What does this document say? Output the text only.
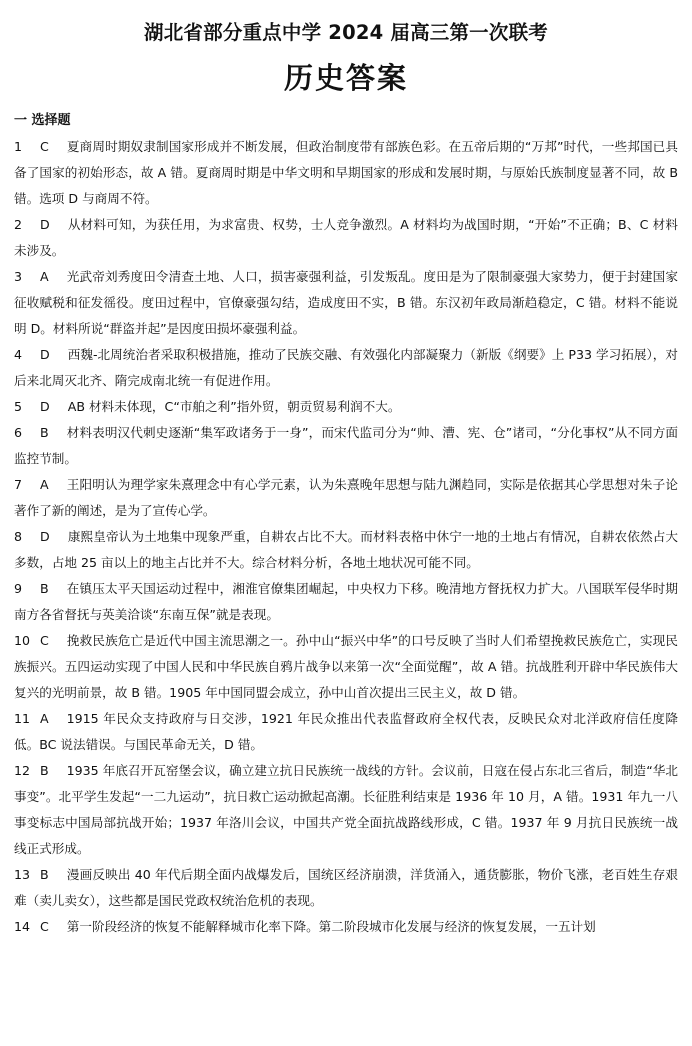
湖北省部分重点中学 2024 届高三第一次联考
历史答案
一 选择题

1 C 夏商周时期奴隶制国家形成并不断发展，但政治制度带有部族色彩。在五帝后期的“万邦”时代，一些邦国已具备了国家的初始形态，故 A 错。夏商周时期是中华文明和早期国家的形成和发展时期，与原始氏族制度显著不同，故 B 错。选项 D 与商周不符。

2 D 从材料可知，为获任用，为求富贵、权势，士人竞争激烈。A 材料均为战国时期，“开始”不正确；B、C 材料未涉及。

3 A 光武帝刘秀度田令清查土地、人口，损害豪强利益，引发叛乱。度田是为了限制豪强大家势力，便于封建国家征收赋税和征发徭役。度田过程中，官僚豪强勾结，造成度田不实，B 错。东汉初年政局渐趋稳定，C 错。材料不能说明 D。材料所说“群盗并起”是因度田损坏豪强利益。

4 D 西魏-北周统治者采取积极措施，推动了民族交融、有效强化内部凝聚力（新版《纲要》上 P33 学习拓展），对后来北周灭北齐、隋完成南北统一有促进作用。

5 D AB 材料未体现，C“市舶之利”指外贸，朝贡贸易利润不大。

6 B 材料表明汉代刺史逐渐“集军政诸务于一身”，而宋代监司分为“帅、漕、宪、仓”诸司，“分化事权”从不同方面监控节制。

7 A 王阳明认为理学家朱熹理念中有心学元素，认为朱熹晚年思想与陆九渊趋同，实际是依据其心学思想对朱子论著作了新的阐述，是为了宣传心学。

8 D 康熙皇帝认为土地集中现象严重，自耕农占比不大。而材料表格中休宁一地的土地占有情况，自耕农依然占大多数，占地 25 亩以上的地主占比并不大。综合材料分析，各地土地状况可能不同。

9 B 在镇压太平天国运动过程中，湘淮官僚集团崛起，中央权力下移。晚清地方督抚权力扩大。八国联军侵华时期南方各省督抚与英美洽谈“东南互保”就是表现。

10 C 挽救民族危亡是近代中国主流思潮之一。孙中山“振兴中华”的口号反映了当时人们希望挽救民族危亡，实现民族振兴。五四运动实现了中国人民和中华民族自鸦片战争以来第一次“全面觉醒”，故 A 错。抗战胜利开辟中华民族伟大复兴的光明前景，故 B 错。1905 年中国同盟会成立，孙中山首次提出三民主义，故 D 错。

11 A 1915 年民众支持政府与日交涉，1921 年民众推出代表监督政府全权代表，反映民众对北洋政府信任度降低。BC 说法错误。与国民革命无关，D 错。

12 B 1935 年底召开瓦窑堡会议，确立建立抗日民族统一战线的方针。会议前，日寇在侵占东北三省后，制造“华北事变”。北平学生发起“一二九运动”，抗日救亡运动掀起高潮。长征胜利结束是 1936 年 10 月，A 错。1931 年九一八事变标志中国局部抗战开始；1937 年洛川会议，中国共产党全面抗战路线形成，C 错。1937 年 9 月抗日民族统一战线正式形成。

13 B 漫画反映出 40 年代后期全面内战爆发后，国统区经济崩溃，洋货涌入，通货膨胀，物价飞涨，老百姓生存艰难（卖儿卖女），这些都是国民党政权统治危机的表现。

14 C 第一阶段经济的恢复不能解释城市化率下降。第二阶段城市化发展与经济的恢复发展，一五计划
